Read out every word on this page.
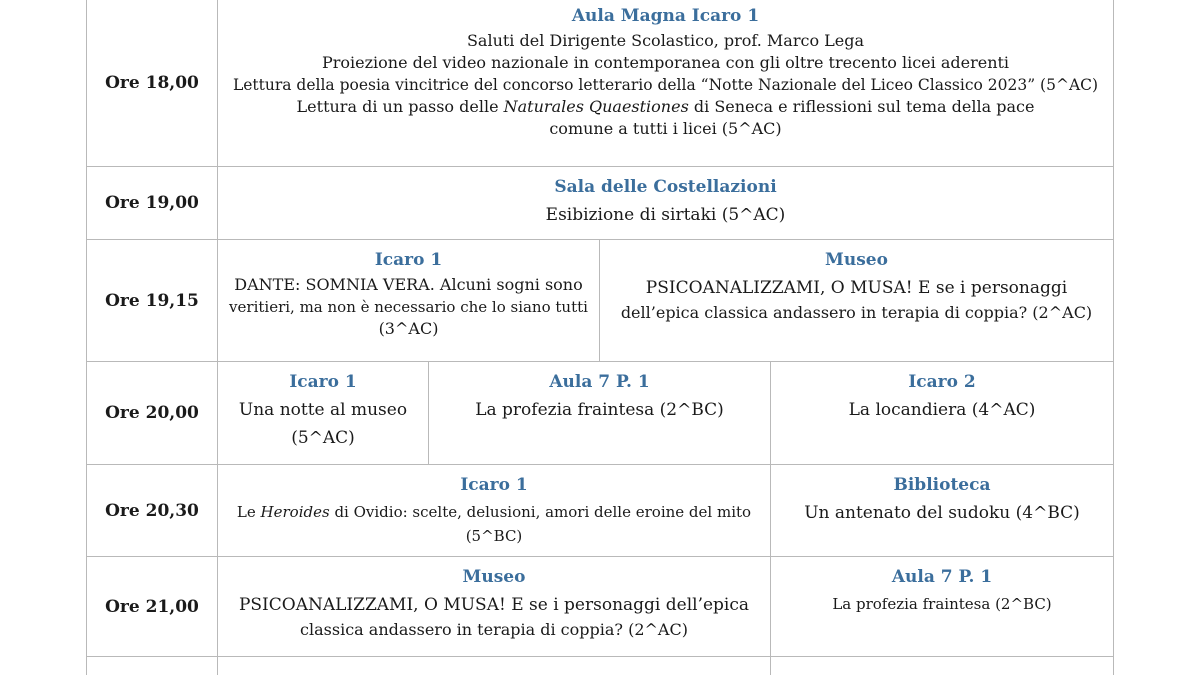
Ore 18,00
Aula Magna Icaro 1
Saluti del Dirigente Scolastico, prof. Marco Lega
Proiezione del video nazionale in contemporanea con gli oltre trecento licei aderenti
Lettura della poesia vincitrice del concorso letterario della “Notte Nazionale del Liceo Classico 2023” (5^AC)
Lettura di un passo delle Naturales Quaestiones di Seneca e riflessioni sul tema della pace
comune a tutti i licei (5^AC)
Ore 19,00
Sala delle Costellazioni
Esibizione di sirtaki (5^AC)
Ore 19,15
Icaro 1
DANTE: SOMNIA VERA. Alcuni sogni sono
veritieri, ma non è necessario che lo siano tutti
(3^AC)
Museo
PSICOANALIZZAMI, O MUSA! E se i personaggi
dell’epica classica andassero in terapia di coppia? (2^AC)
Ore 20,00
Icaro 1
Una notte al museo
(5^AC)
Aula 7 P. 1
La profezia fraintesa (2^BC)
Icaro 2
La locandiera (4^AC)
Ore 20,30
Icaro 1
Le Heroides di Ovidio: scelte, delusioni, amori delle eroine del mito
(5^BC)
Biblioteca
Un antenato del sudoku (4^BC)
Ore 21,00
Museo
PSICOANALIZZAMI, O MUSA! E se i personaggi dell’epica
classica andassero in terapia di coppia? (2^AC)
Aula 7 P. 1
La profezia fraintesa (2^BC)
